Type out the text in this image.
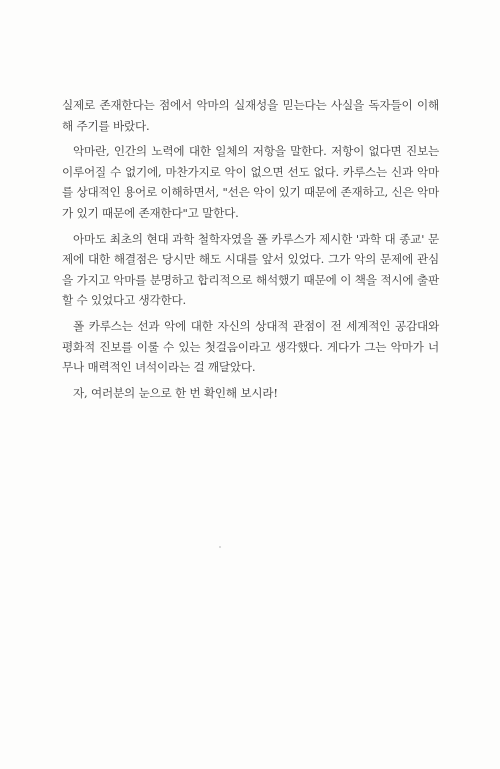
실제로 존재한다는 점에서 악마의 실재성을 믿는다는 사실을 독자들이 이해해 주기를 바랐다.

악마란, 인간의 노력에 대한 일체의 저항을 말한다. 저항이 없다면 진보는 이루어질 수 없기에, 마찬가지로 악이 없으면 선도 없다. 카루스는 신과 악마를 상대적인 용어로 이해하면서, "선은 악이 있기 때문에 존재하고, 신은 악마가 있기 때문에 존재한다"고 말한다.

아마도 최초의 현대 과학 철학자였을 폴 카루스가 제시한 '과학 대 종교' 문제에 대한 해결점은 당시만 해도 시대를 앞서 있었다. 그가 악의 문제에 관심을 가지고 악마를 분명하고 합리적으로 해석했기 때문에 이 책을 적시에 출판할 수 있었다고 생각한다.

폴 카루스는 선과 악에 대한 자신의 상대적 관점이 전 세계적인 공감대와 평화적 진보를 이룰 수 있는 첫걸음이라고 생각했다. 게다가 그는 악마가 너무나 매력적인 녀석이라는 걸 깨달았다.

자, 여러분의 눈으로 한 번 확인해 보시라!
